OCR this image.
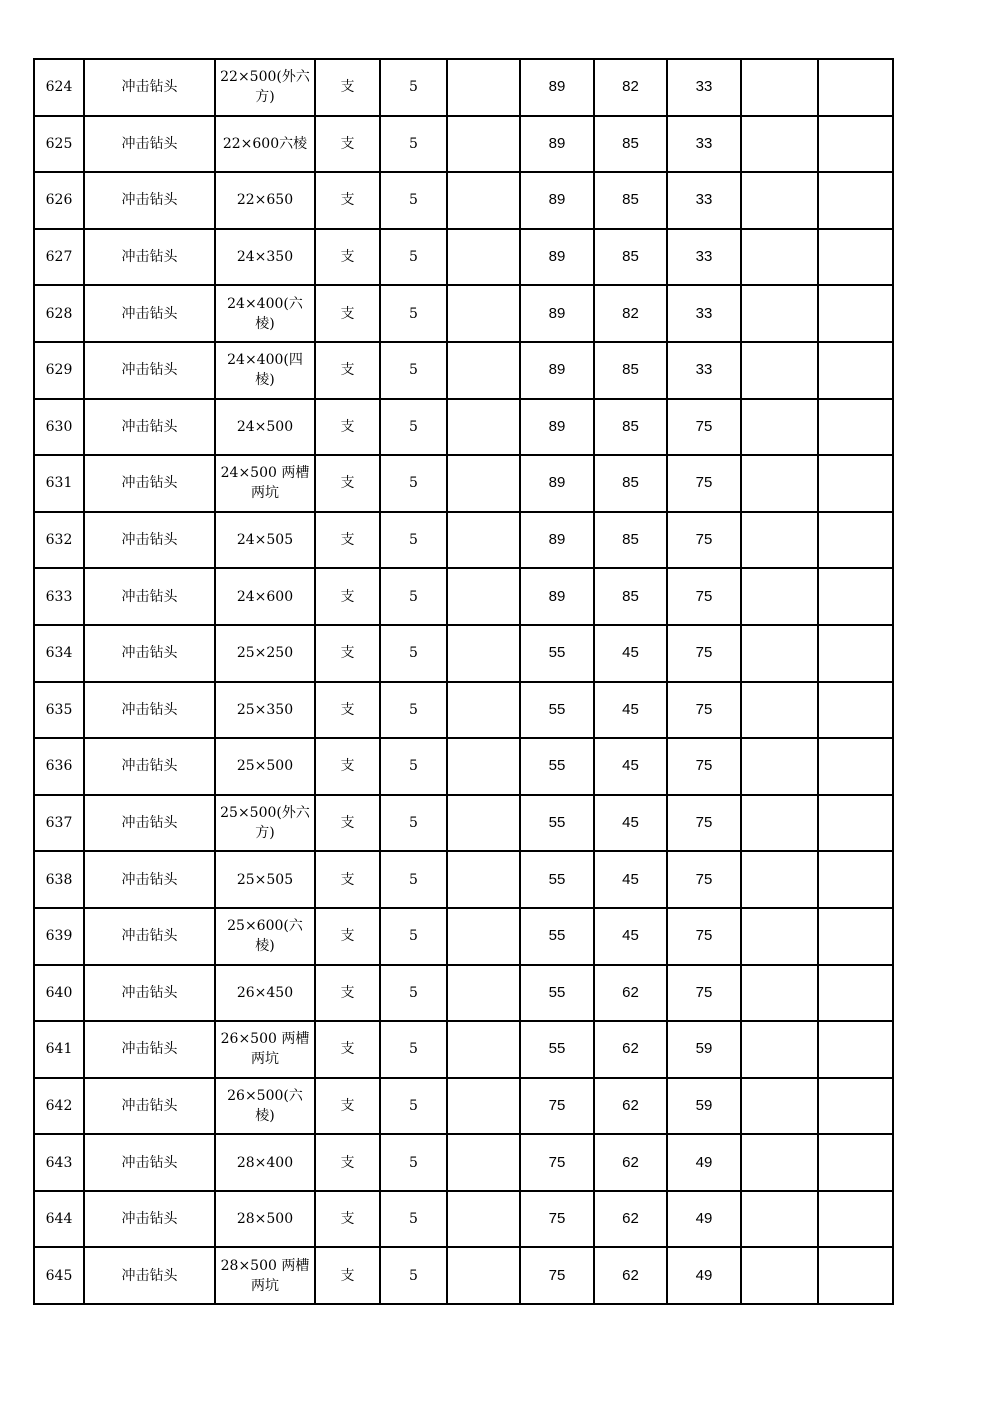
624	冲击钻头	22×500(外六方)	支	5		89	82	33		
625	冲击钻头	22×600六棱	支	5		89	85	33		
626	冲击钻头	22×650	支	5		89	85	33		
627	冲击钻头	24×350	支	5		89	85	33		
628	冲击钻头	24×400(六棱)	支	5		89	82	33		
629	冲击钻头	24×400(四棱)	支	5		89	85	33		
630	冲击钻头	24×500	支	5		89	85	75		
631	冲击钻头	24×500 两槽两坑	支	5		89	85	75		
632	冲击钻头	24×505	支	5		89	85	75		
633	冲击钻头	24×600	支	5		89	85	75		
634	冲击钻头	25×250	支	5		55	45	75		
635	冲击钻头	25×350	支	5		55	45	75		
636	冲击钻头	25×500	支	5		55	45	75		
637	冲击钻头	25×500(外六方)	支	5		55	45	75		
638	冲击钻头	25×505	支	5		55	45	75		
639	冲击钻头	25×600(六棱)	支	5		55	45	75		
640	冲击钻头	26×450	支	5		55	62	75		
641	冲击钻头	26×500 两槽两坑	支	5		55	62	59		
642	冲击钻头	26×500(六棱)	支	5		75	62	59		
643	冲击钻头	28×400	支	5		75	62	49		
644	冲击钻头	28×500	支	5		75	62	49		
645	冲击钻头	28×500 两槽两坑	支	5		75	62	49		
